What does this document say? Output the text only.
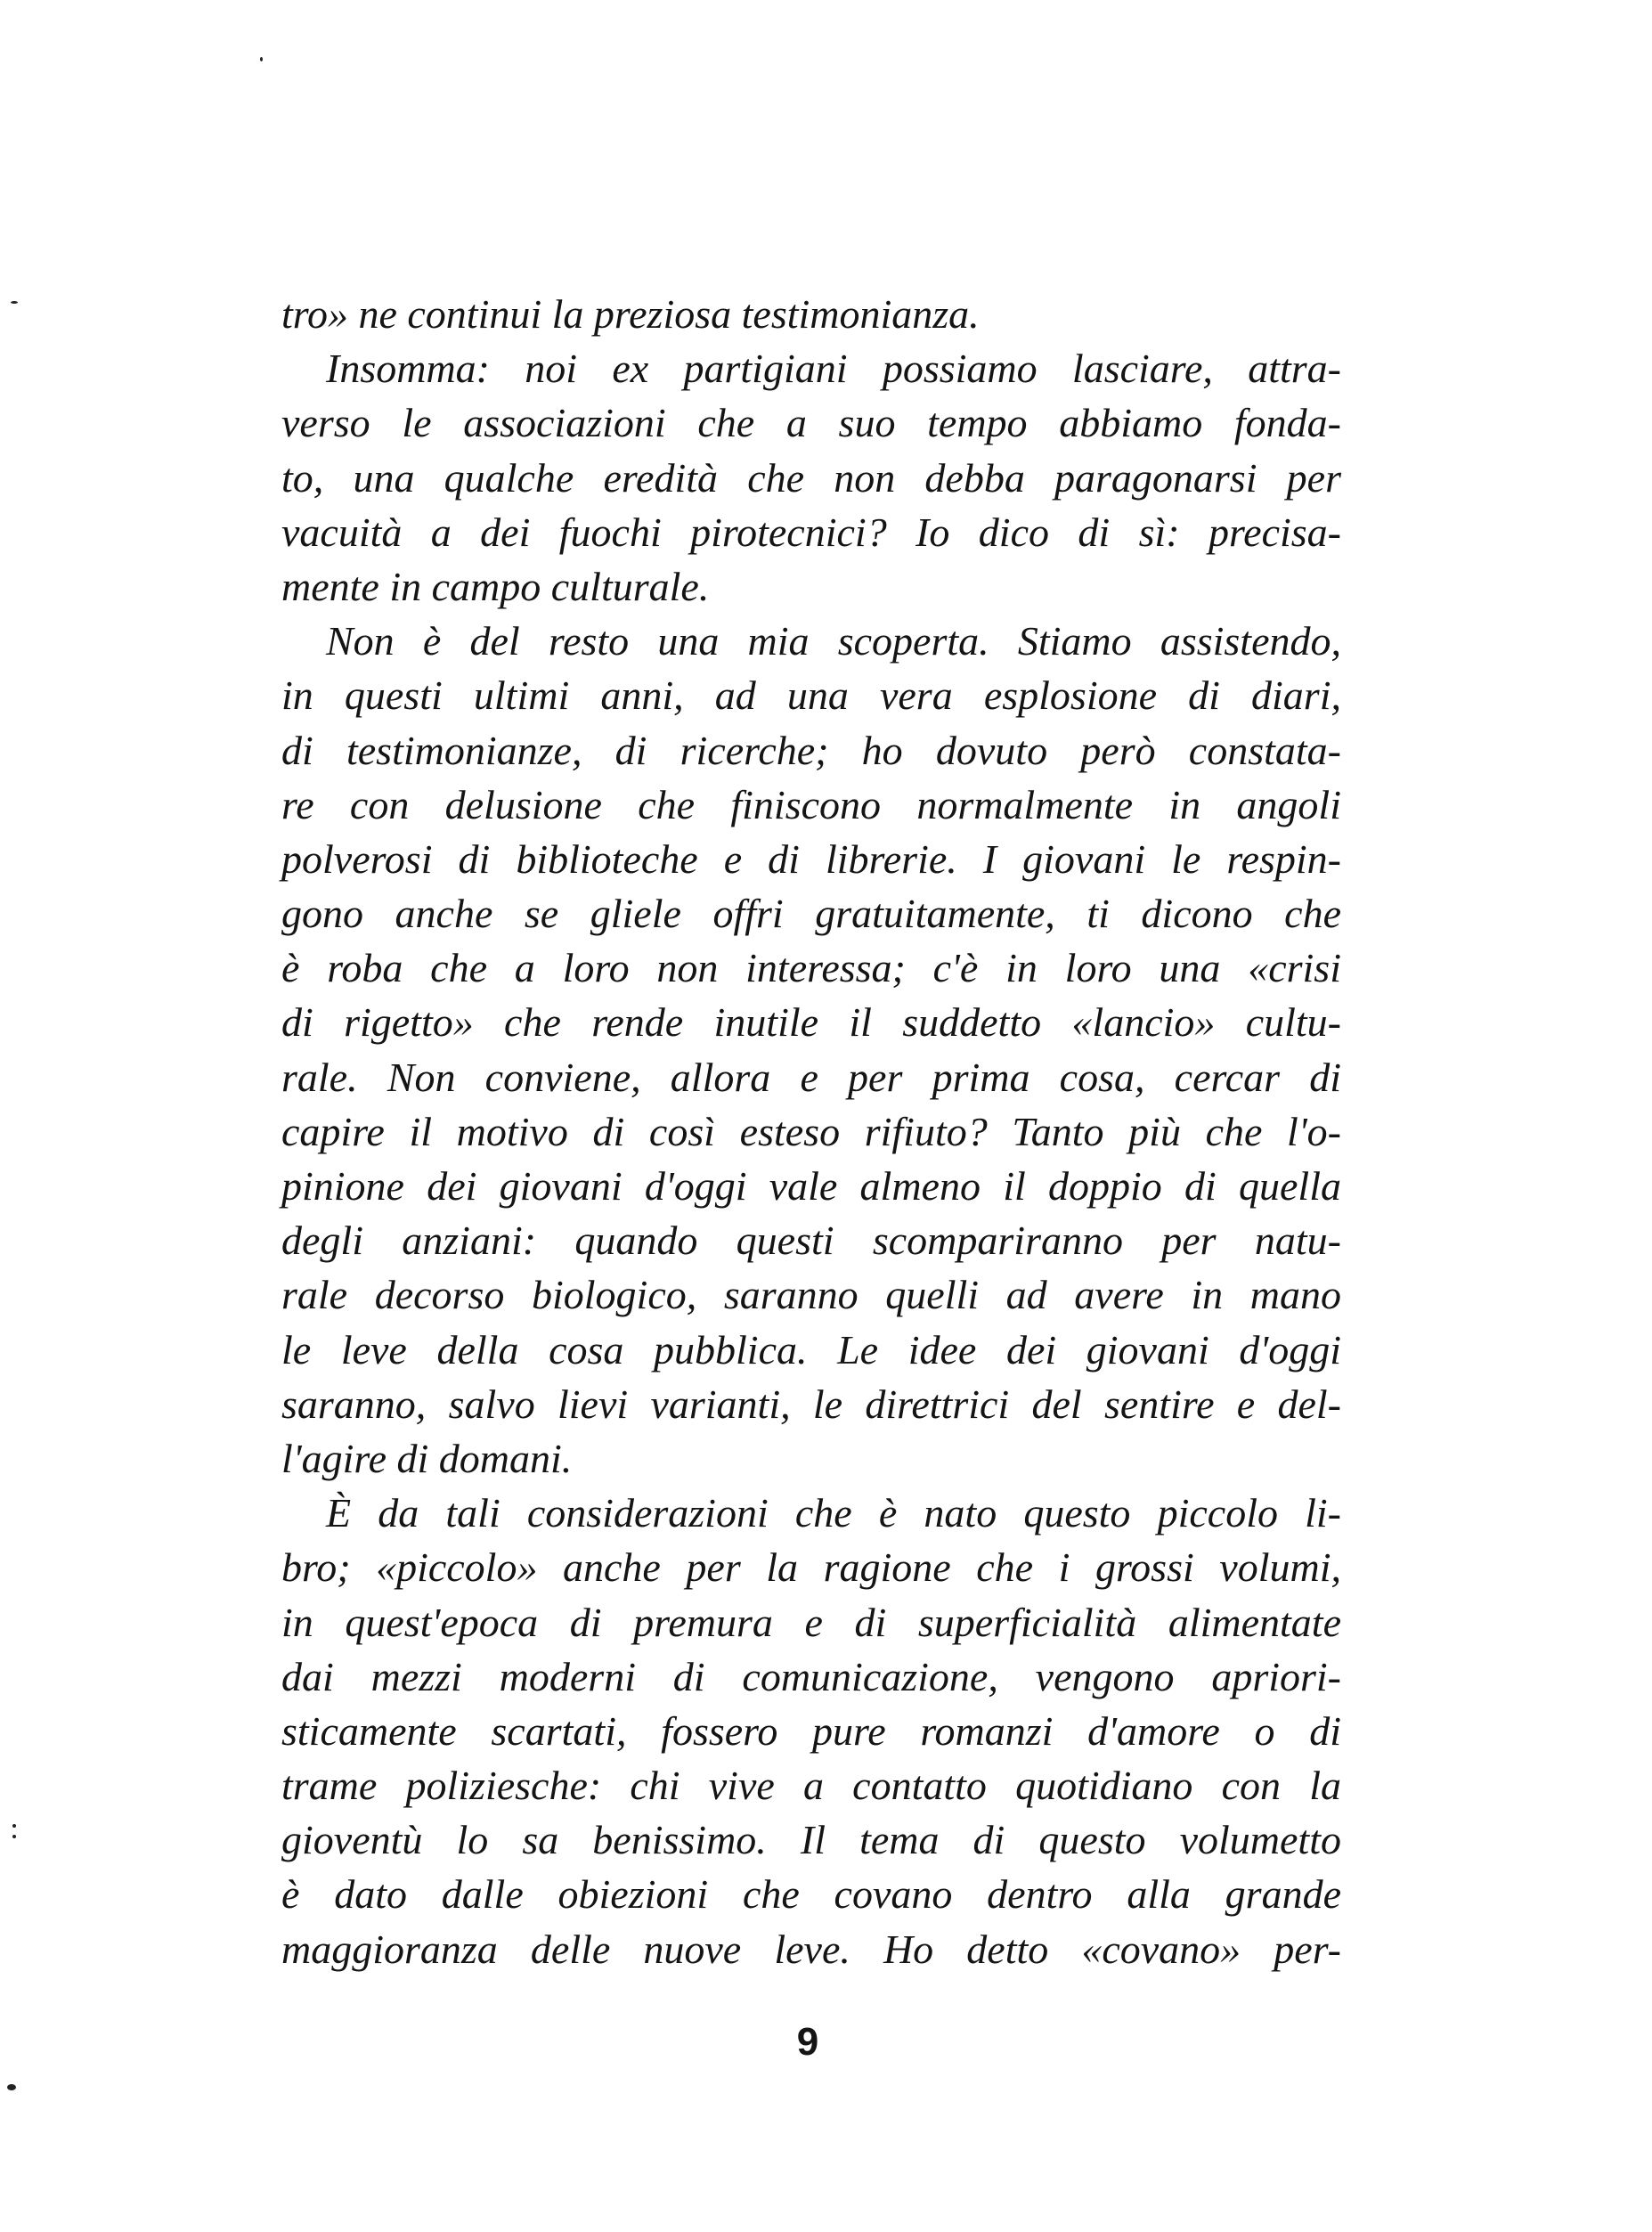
tro» ne continui la preziosa testimonianza.
Insomma: noi ex partigiani possiamo lasciare, attra-
verso le associazioni che a suo tempo abbiamo fonda-
to, una qualche eredità che non debba paragonarsi per
vacuità a dei fuochi pirotecnici? Io dico di sì: precisa-
mente in campo culturale.
Non è del resto una mia scoperta. Stiamo assistendo,
in questi ultimi anni, ad una vera esplosione di diari,
di testimonianze, di ricerche; ho dovuto però constata-
re con delusione che finiscono normalmente in angoli
polverosi di biblioteche e di librerie. I giovani le respin-
gono anche se gliele offri gratuitamente, ti dicono che
è roba che a loro non interessa; c'è in loro una «crisi
di rigetto» che rende inutile il suddetto «lancio» cultu-
rale. Non conviene, allora e per prima cosa, cercar di
capire il motivo di così esteso rifiuto? Tanto più che l'o-
pinione dei giovani d'oggi vale almeno il doppio di quella
degli anziani: quando questi scompariranno per natu-
rale decorso biologico, saranno quelli ad avere in mano
le leve della cosa pubblica. Le idee dei giovani d'oggi
saranno, salvo lievi varianti, le direttrici del sentire e del-
l'agire di domani.
È da tali considerazioni che è nato questo piccolo li-
bro; «piccolo» anche per la ragione che i grossi volumi,
in quest'epoca di premura e di superficialità alimentate
dai mezzi moderni di comunicazione, vengono apriori-
sticamente scartati, fossero pure romanzi d'amore o di
trame poliziesche: chi vive a contatto quotidiano con la
gioventù lo sa benissimo. Il tema di questo volumetto
è dato dalle obiezioni che covano dentro alla grande
maggioranza delle nuove leve. Ho detto «covano» per-
9
